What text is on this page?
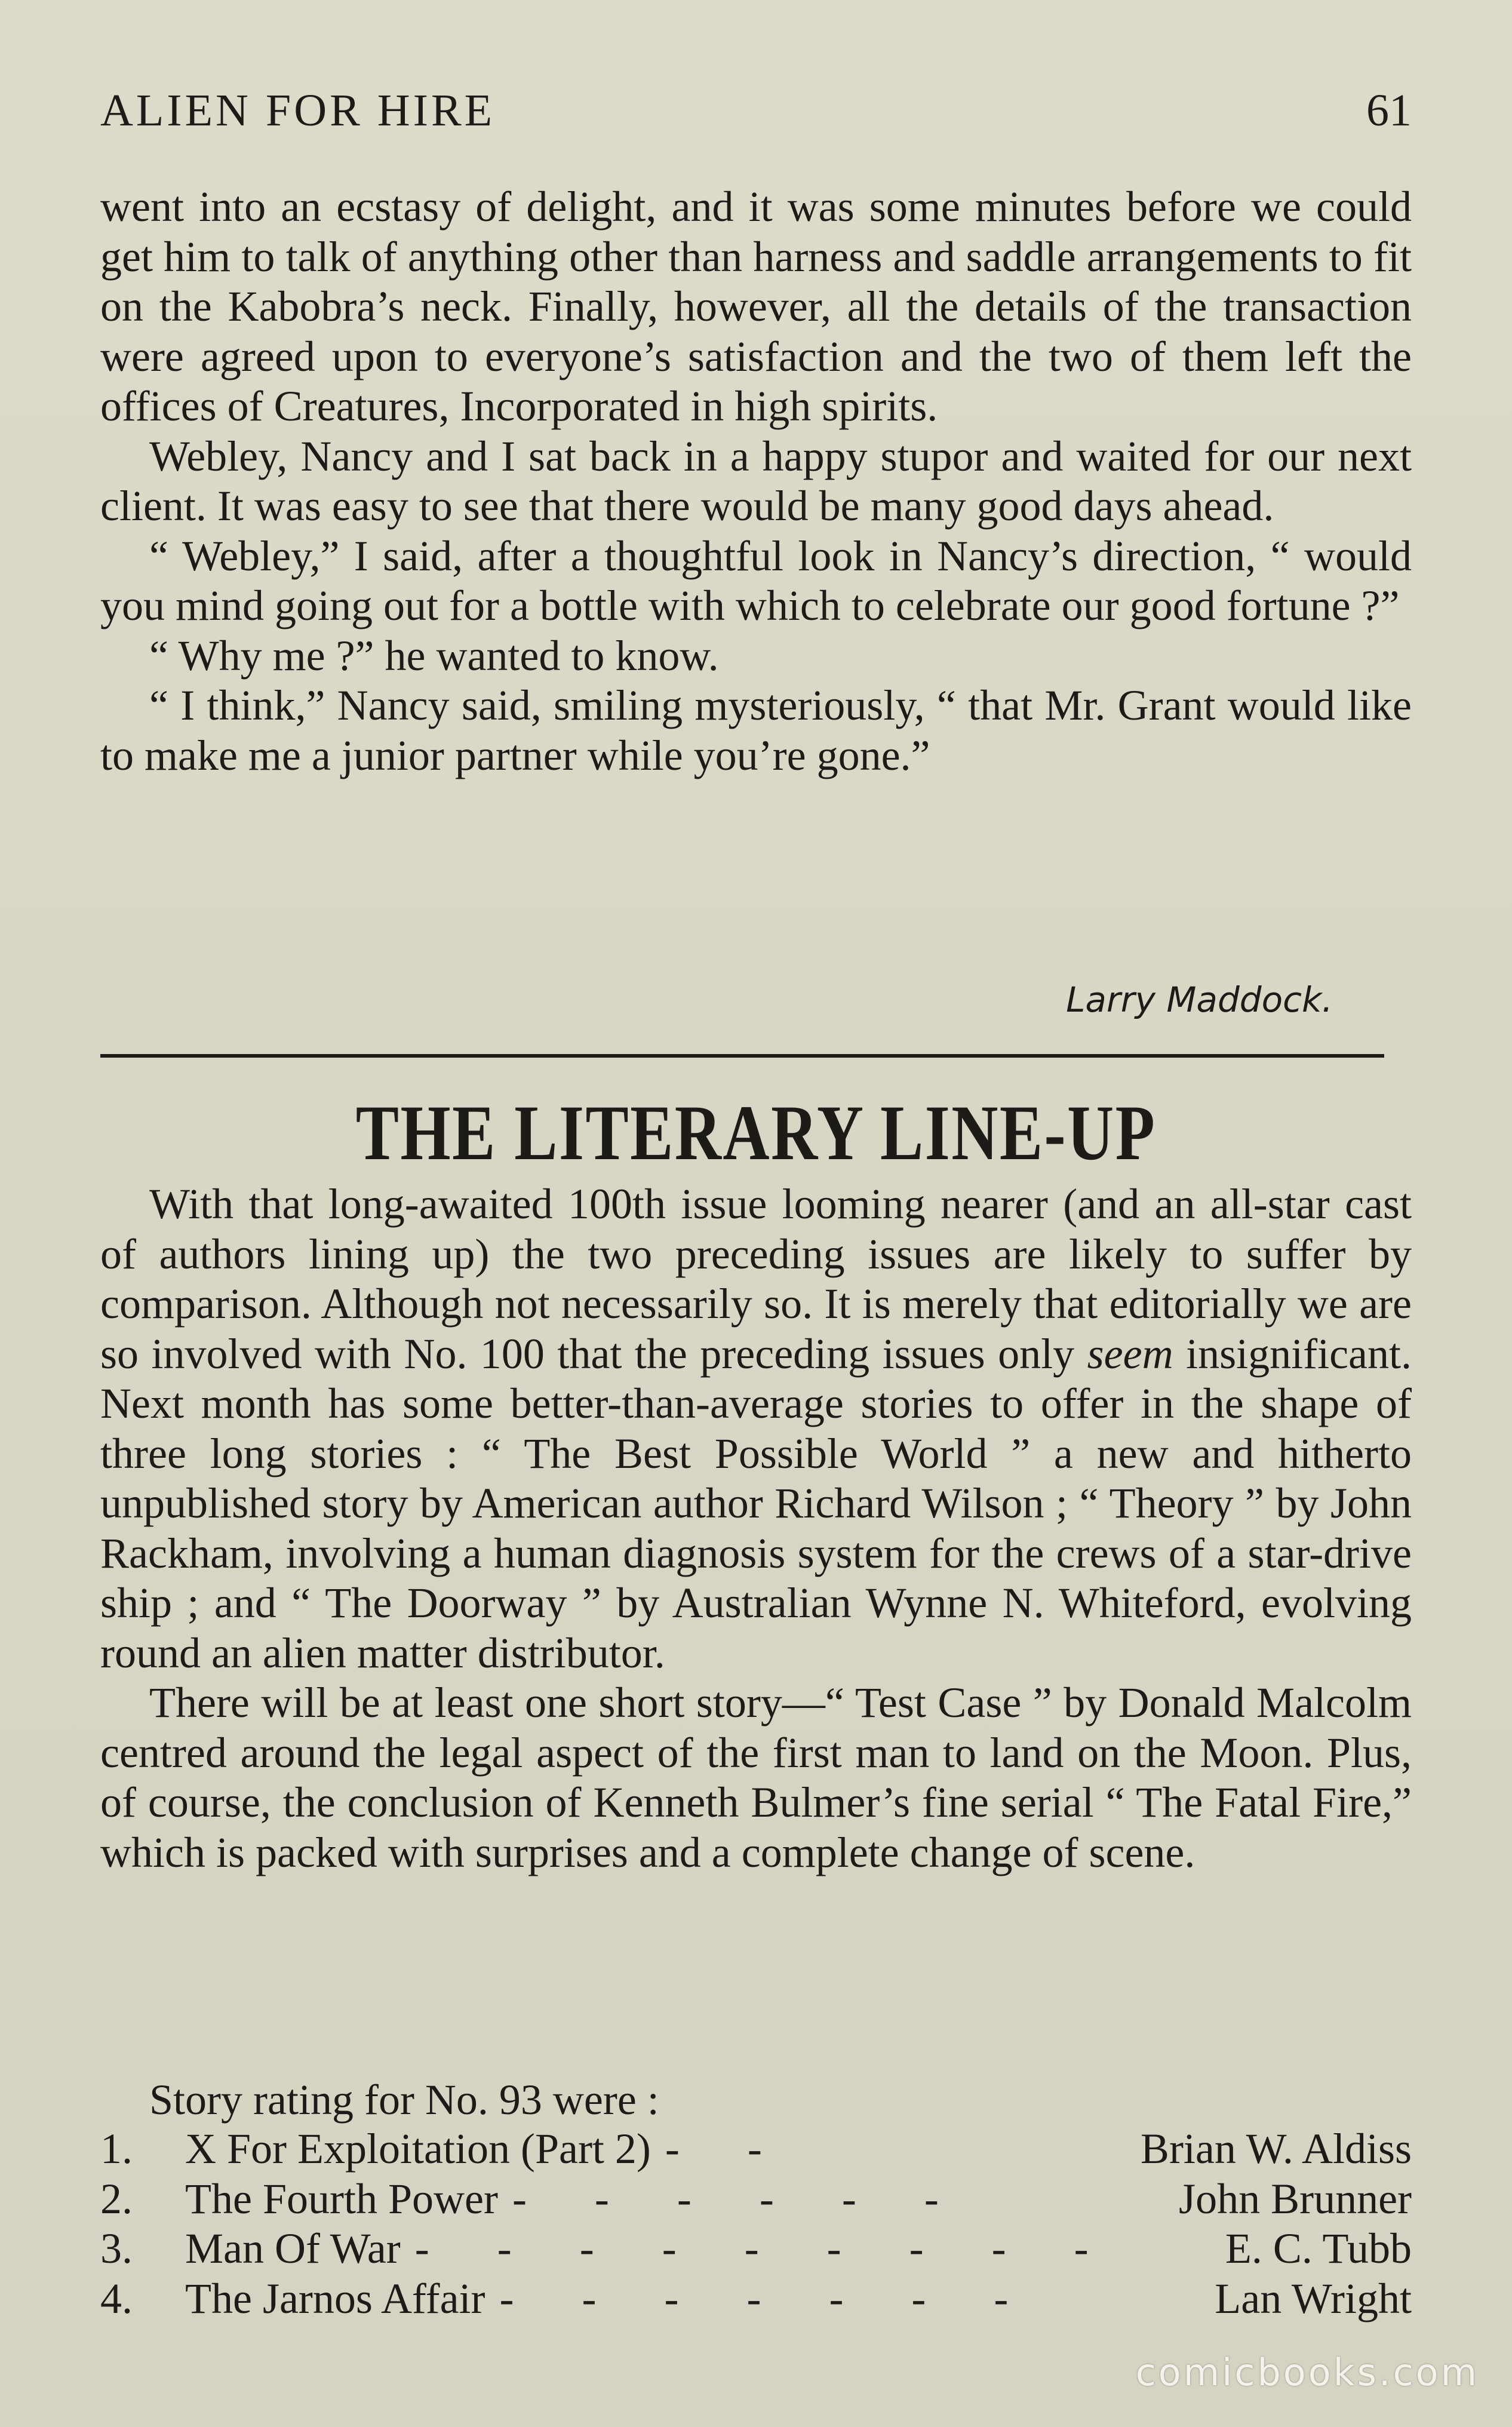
ALIEN FOR HIRE	61

went into an ecstasy of delight, and it was some minutes before we could get him to talk of anything other than harness and saddle arrangements to fit on the Kabobra’s neck. Finally, however, all the details of the transaction were agreed upon to everyone’s satisfaction and the two of them left the offices of Creatures, Incorporated in high spirits.

Webley, Nancy and I sat back in a happy stupor and waited for our next client. It was easy to see that there would be many good days ahead.

“ Webley,” I said, after a thoughtful look in Nancy’s direction, “ would you mind going out for a bottle with which to celebrate our good fortune ?”

“ Why me ?” he wanted to know.

“ I think,” Nancy said, smiling mysteriously, “ that Mr. Grant would like to make me a junior partner while you’re gone.”

Larry Maddock.
THE LITERARY LINE-UP

With that long-awaited 100th issue looming nearer (and an all-star cast of authors lining up) the two preceding issues are likely to suffer by comparison. Although not necessarily so. It is merely that editorially we are so involved with No. 100 that the preceding issues only seem insignificant. Next month has some better-than-average stories to offer in the shape of three long stories : “ The Best Possible World ” a new and hitherto unpublished story by American author Richard Wilson ; “ Theory ” by John Rackham, involving a human diagnosis system for the crews of a star-drive ship ; and “ The Doorway ” by Australian Wynne N. Whiteford, evolving round an alien matter distributor.

There will be at least one short story—“ Test Case ” by Donald Malcolm centred around the legal aspect of the first man to land on the Moon. Plus, of course, the conclusion of Kenneth Bulmer’s fine serial “ The Fatal Fire,” which is packed with surprises and a complete change of scene.

Story rating for No. 93 were :
1.	X For Exploitation (Part 2) - -	Brian W. Aldiss
2.	The Fourth Power - - - - - -	John Brunner
3.	Man Of War - - - - - - - - -	E. C. Tubb
4.	The Jarnos Affair - - - - - - -	Lan Wright
comicbooks.com
